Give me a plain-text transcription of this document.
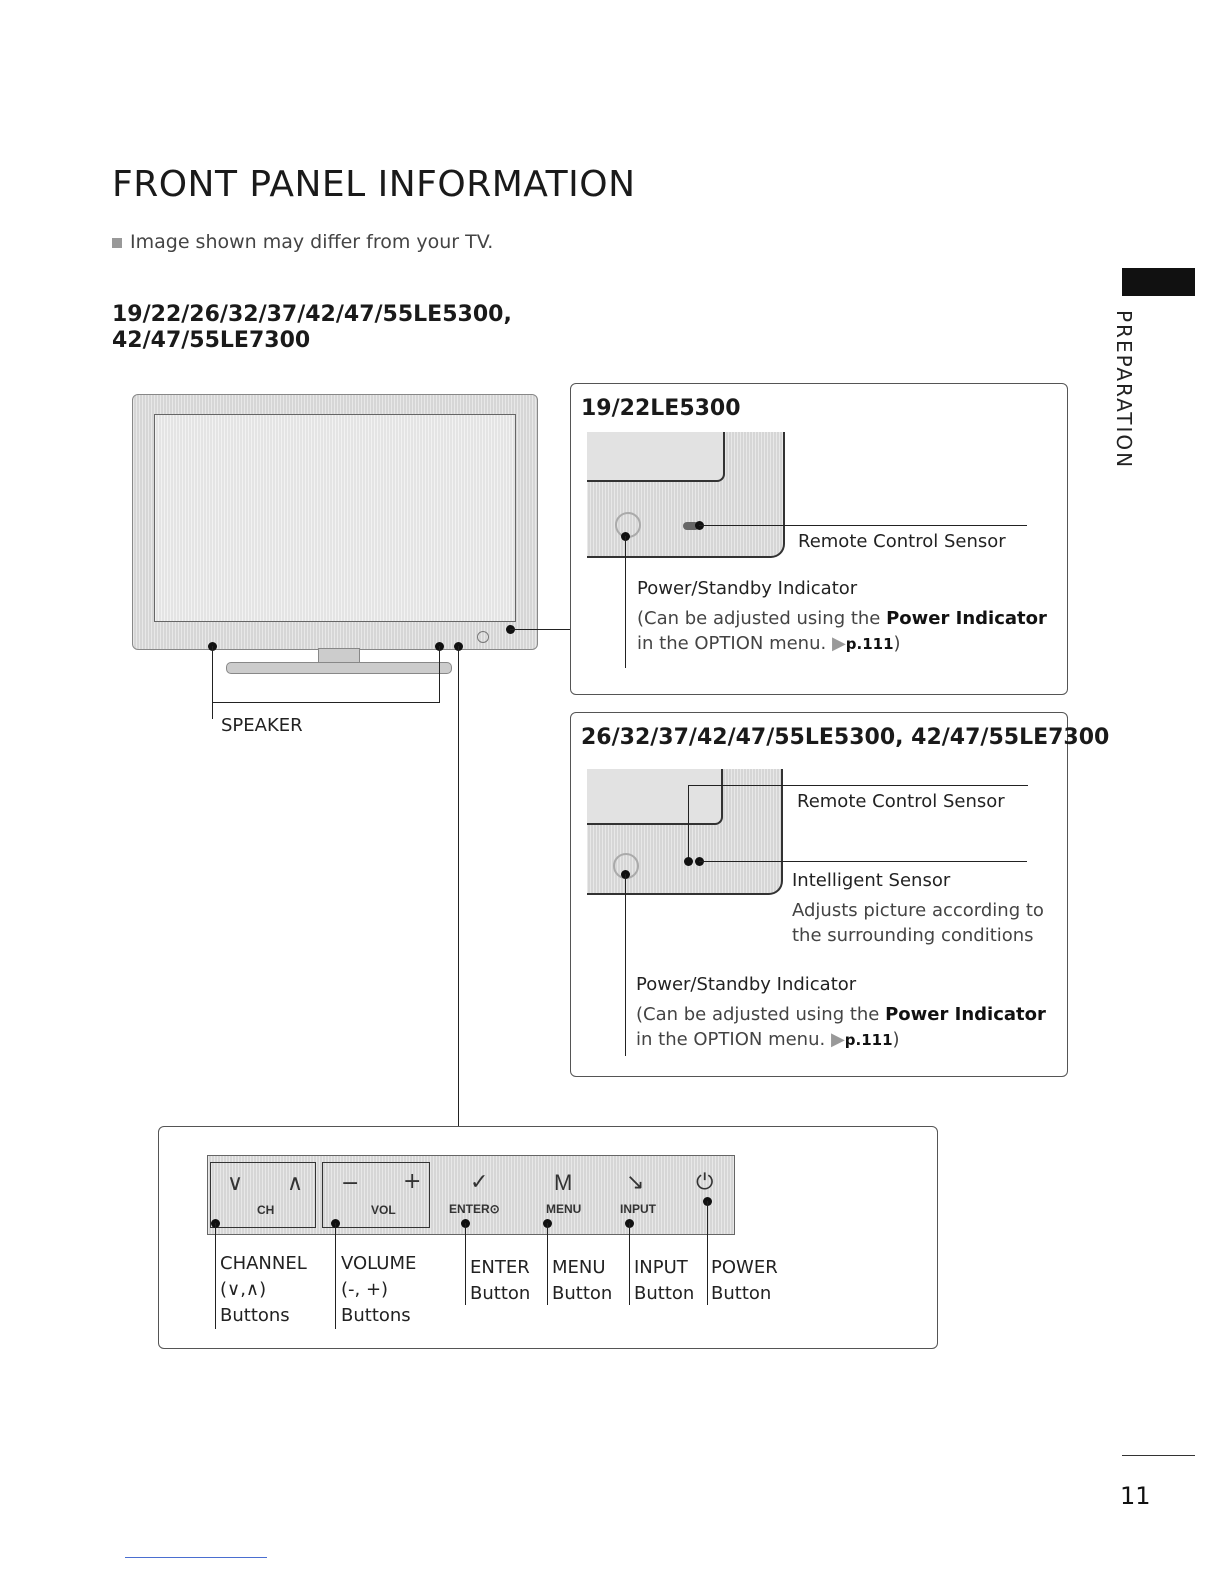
FRONT PANEL INFORMATION
Image shown may differ from your TV.
19/22/26/32/37/42/47/55LE5300,
42/47/55LE7300	PREPARATION
SPEAKER
19/22LE5300
Remote Control Sensor
Power/Standby Indicator
(Can be adjusted using the Power Indicator
in the OPTION menu. ▶p.111)
26/32/37/42/47/55LE5300, 42/47/55LE7300
Remote Control Sensor
Intelligent Sensor
Adjusts picture according to
the surrounding conditions
Power/Standby Indicator
(Can be adjusted using the Power Indicator
in the OPTION menu. ▶p.111)
∨ ∧
CH
− +
VOL
✓
ENTER⊙
M
MENU
↘
INPUT
⏻
CHANNEL
(∨,∧)
Buttons
VOLUME
(-, +)
Buttons
ENTER
Button
MENU
Button
INPUT
Button
POWER
Button
11
